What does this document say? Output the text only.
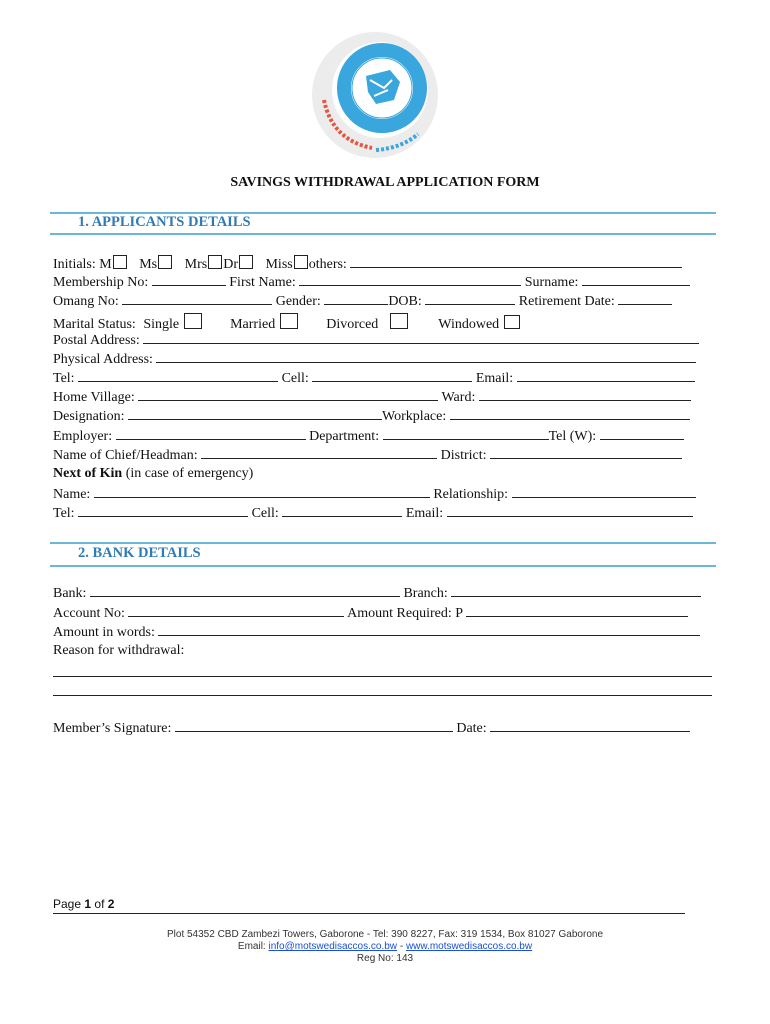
SAVINGS WITHDRAWAL APPLICATION FORM
1. APPLICANTS DETAILS
Initials: M Ms Mrs Dr Miss others:
Membership No:	First Name:	Surname:
Omang No:	Gender:	DOB:	Retirement Date:
Marital Status: Single	Married	Divorced	Windowed
Postal Address:
Physical Address:
Tel:	Cell:	Email:
Home Village:	Ward:
Designation:	Workplace:
Employer:	Department:	Tel (W):
Name of Chief/Headman:	District:
Next of Kin (in case of emergency)
Name:	Relationship:
Tel:	Cell:	Email:
2. BANK DETAILS
Bank:	Branch:
Account No:	Amount Required: P
Amount in words:
Reason for withdrawal:
Member’s Signature:	Date:
Page 1 of 2
Plot 54352 CBD Zambezi Towers, Gaborone - Tel: 390 8227, Fax: 319 1534, Box 81027 Gaborone
Email: info@motswedisaccos.co.bw - www.motswedisaccos.co.bw
Reg No: 143
